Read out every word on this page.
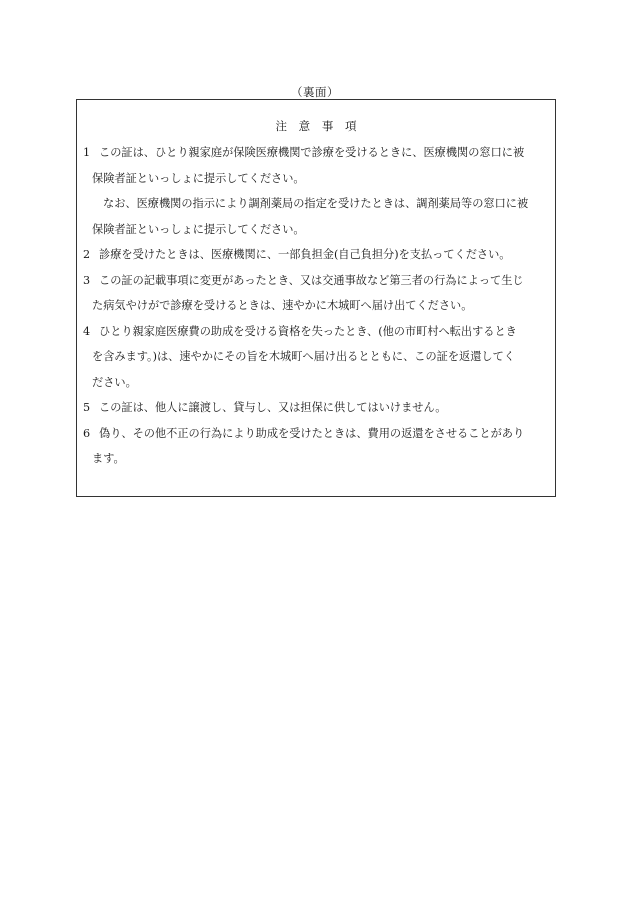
（裏面）
注 意 事 項
1 この証は、ひとり親家庭が保険医療機関で診療を受けるときに、医療機関の窓口に被
保険者証といっしょに提示してください。
なお、医療機関の指示により調剤薬局の指定を受けたときは、調剤薬局等の窓口に被
保険者証といっしょに提示してください。
2 診療を受けたときは、医療機関に、一部負担金(自己負担分)を支払ってください。
3 この証の記載事項に変更があったとき、又は交通事故など第三者の行為によって生じ
た病気やけがで診療を受けるときは、速やかに木城町へ届け出てください。
4 ひとり親家庭医療費の助成を受ける資格を失ったとき、(他の市町村へ転出するとき
を含みます。)は、速やかにその旨を木城町へ届け出るとともに、この証を返還してく
ださい。
5 この証は、他人に譲渡し、貸与し、又は担保に供してはいけません。
6 偽り、その他不正の行為により助成を受けたときは、費用の返還をさせることがあり
ます。
